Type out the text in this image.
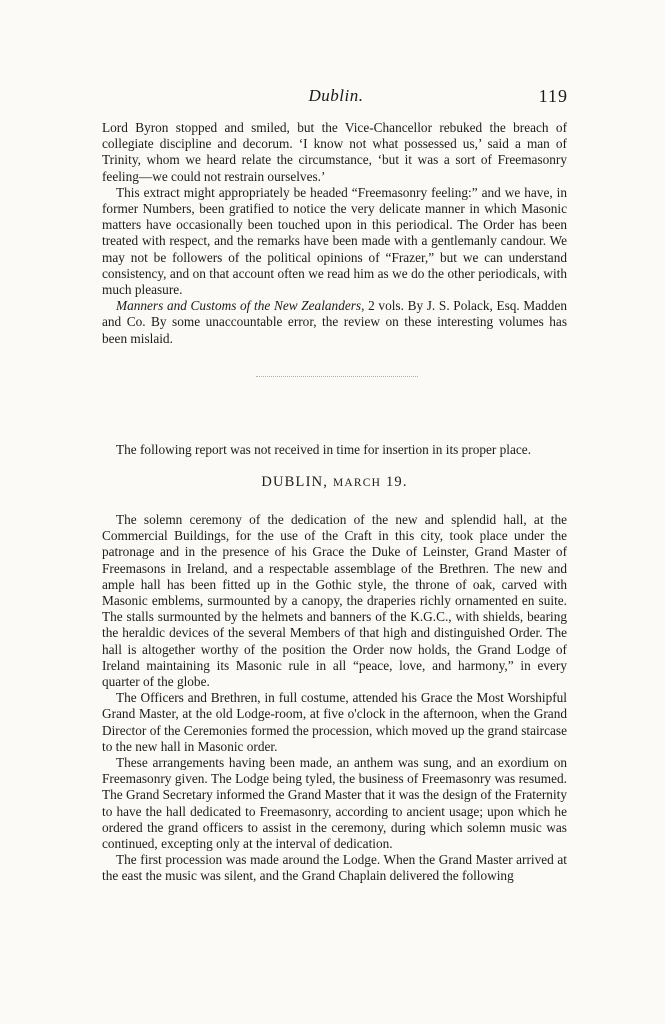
Dublin.	119

Lord Byron stopped and smiled, but the Vice-Chancellor rebuked the breach of collegiate discipline and decorum. ‘I know not what possessed us,’ said a man of Trinity, whom we heard relate the circumstance, ‘but it was a sort of Freemasonry feeling—we could not restrain ourselves.’

This extract might appropriately be headed “Freemasonry feeling:” and we have, in former Numbers, been gratified to notice the very delicate manner in which Masonic matters have occasionally been touched upon in this periodical. The Order has been treated with respect, and the remarks have been made with a gentlemanly candour. We may not be followers of the political opinions of “Frazer,” but we can understand consistency, and on that account often we read him as we do the other periodicals, with much pleasure.

Manners and Customs of the New Zealanders, 2 vols. By J. S. Polack, Esq. Madden and Co. By some unaccountable error, the review on these interesting volumes has been mislaid.

The following report was not received in time for insertion in its proper place.

DUBLIN, MARCH 19.

The solemn ceremony of the dedication of the new and splendid hall, at the Commercial Buildings, for the use of the Craft in this city, took place under the patronage and in the presence of his Grace the Duke of Leinster, Grand Master of Freemasons in Ireland, and a respectable assemblage of the Brethren. The new and ample hall has been fitted up in the Gothic style, the throne of oak, carved with Masonic emblems, surmounted by a canopy, the draperies richly ornamented en suite. The stalls surmounted by the helmets and banners of the K.G.C., with shields, bearing the heraldic devices of the several Members of that high and distinguished Order. The hall is altogether worthy of the position the Order now holds, the Grand Lodge of Ireland maintaining its Masonic rule in all “peace, love, and harmony,” in every quarter of the globe.

The Officers and Brethren, in full costume, attended his Grace the Most Worshipful Grand Master, at the old Lodge-room, at five o'clock in the afternoon, when the Grand Director of the Ceremonies formed the procession, which moved up the grand staircase to the new hall in Masonic order.

These arrangements having been made, an anthem was sung, and an exordium on Freemasonry given. The Lodge being tyled, the business of Freemasonry was resumed. The Grand Secretary informed the Grand Master that it was the design of the Fraternity to have the hall dedicated to Freemasonry, according to ancient usage; upon which he ordered the grand officers to assist in the ceremony, during which solemn music was continued, excepting only at the interval of dedication.

The first procession was made around the Lodge. When the Grand Master arrived at the east the music was silent, and the Grand Chaplain delivered the following
